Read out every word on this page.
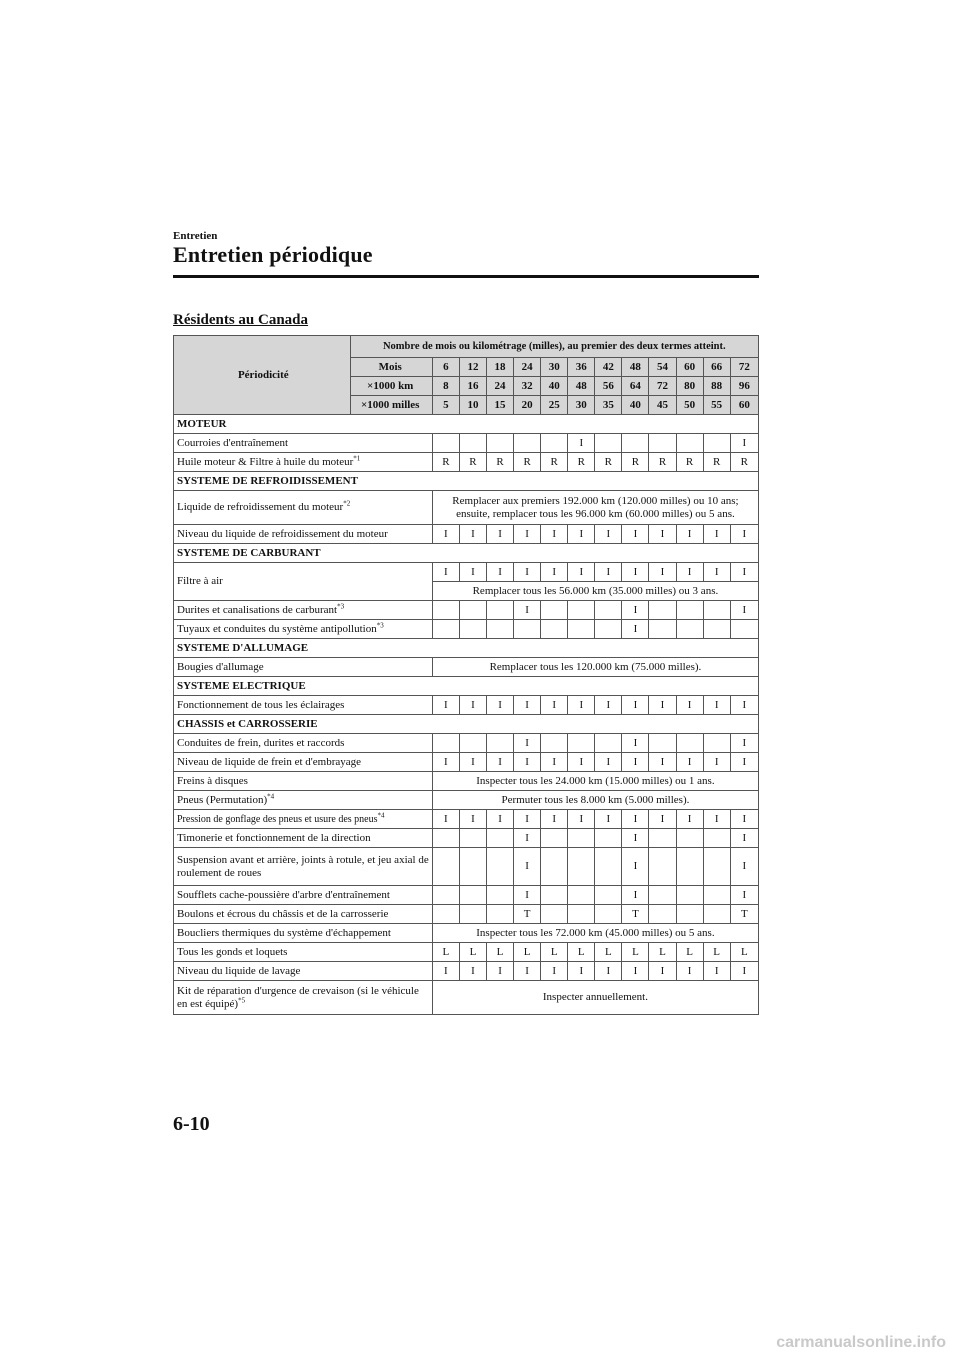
Entretien
Entretien périodique
Résidents au Canada
Périodicité	Nombre de mois ou kilométrage (milles), au premier des deux termes atteint.												
	Mois	6	12	18	24	30	36	42	48	54	60	66	72
	×1000 km	8	16	24	32	40	48	56	64	72	80	88	96
	×1000 milles	5	10	15	20	25	30	35	40	45	50	55	60
MOTEUR													
Courroies d'entraînement							I						I
Huile moteur & Filtre à huile du moteur$^{*1}$		R	R	R	R	R	R	R	R	R	R	R	R
SYSTEME DE REFROIDISSEMENT													
Liquide de refroidissement du moteur$^{*2}$		Remplacer aux premiers 192.000 km (120.000 milles) ou 10 ans; ensuite, remplacer tous les 96.000 km (60.000 milles) ou 5 ans.											
Niveau du liquide de refroidissement du moteur		I	I	I	I	I	I	I	I	I	I	I	I
SYSTEME DE CARBURANT													
Filtre à air		I	I	I	I	I	I	I	I	I	I	I	I
		Remplacer tous les 56.000 km (35.000 milles) ou 3 ans.											
Durites et canalisations de carburant$^{*3}$					I				I				I
Tuyaux et conduites du système antipollution$^{*3}$									I				
SYSTEME D'ALLUMAGE													
Bougies d'allumage		Remplacer tous les 120.000 km (75.000 milles).											
SYSTEME ELECTRIQUE													
Fonctionnement de tous les éclairages		I	I	I	I	I	I	I	I	I	I	I	I
CHASSIS et CARROSSERIE													
Conduites de frein, durites et raccords					I				I				I
Niveau de liquide de frein et d'embrayage		I	I	I	I	I	I	I	I	I	I	I	I
Freins à disques		Inspecter tous les 24.000 km (15.000 milles) ou 1 ans.											
Pneus (Permutation)$^{*4}$		Permuter tous les 8.000 km (5.000 milles).											
Pression de gonflage des pneus et usure des pneus$^{*4}$		I	I	I	I	I	I	I	I	I	I	I	I
Timonerie et fonctionnement de la direction					I				I				I
Suspension avant et arrière, joints à rotule, et jeu axial de roulement de roues					I				I				I
Soufflets cache-poussière d'arbre d'entraînement					I				I				I
Boulons et écrous du châssis et de la carrosserie					T				T				T
Boucliers thermiques du système d'échappement		Inspecter tous les 72.000 km (45.000 milles) ou 5 ans.											
Tous les gonds et loquets		L	L	L	L	L	L	L	L	L	L	L	L
Niveau du liquide de lavage		I	I	I	I	I	I	I	I	I	I	I	I
Kit de réparation d'urgence de crevaison (si le véhicule en est équipé)$^{*5}$		Inspecter annuellement.											
6-10
carmanualsonline.info
